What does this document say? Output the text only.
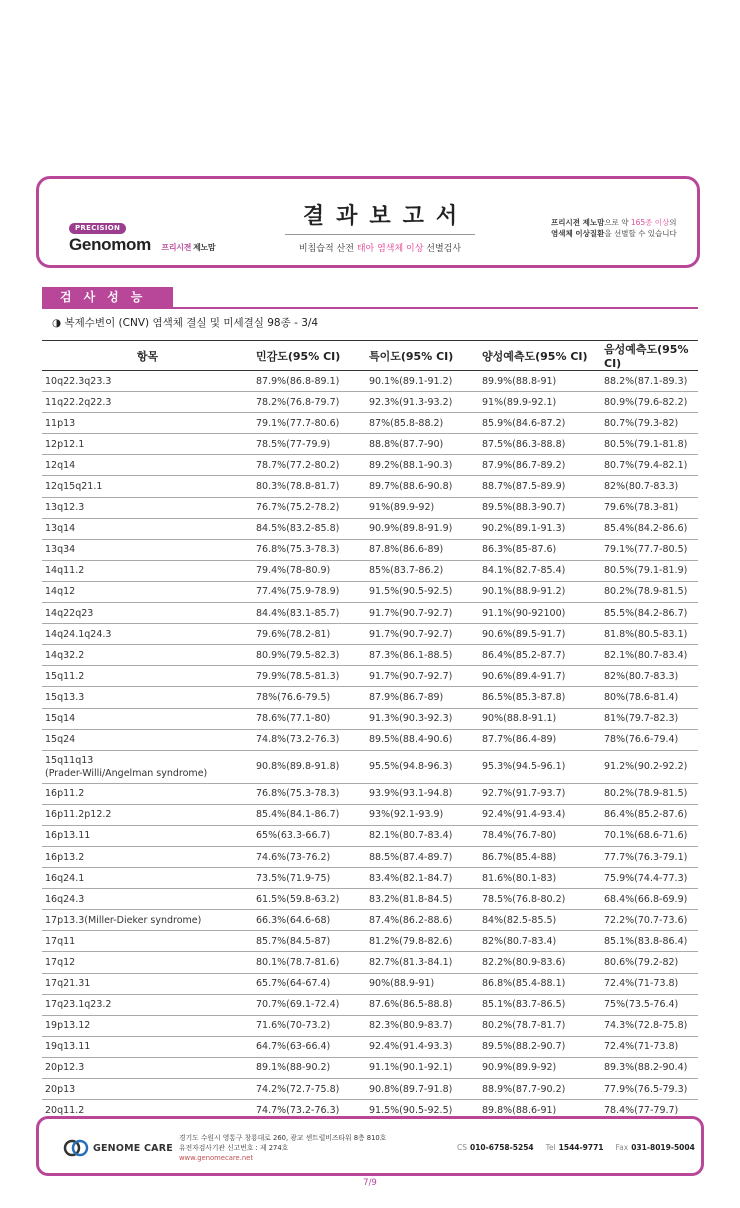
PRECISION
Genomom 프리시젼 제노맘
결과보고서
비침습적 산전 태아 염색체 이상 선별검사
프리시젼 제노맘으로 약 165종 이상의
염색체 이상질환을 선별할 수 있습니다
검사성능
◑ 복제수변이 (CNV) 염색체 결실 및 미세결실 98종 - 3/4
항목	민감도(95% CI)	특이도(95% CI)	양성예측도(95% CI)	음성예측도(95% CI)

10q22.3q23.3	87.9%(86.8-89.1)	90.1%(89.1-91.2)	89.9%(88.8-91)	88.2%(87.1-89.3)

11q22.2q22.3	78.2%(76.8-79.7)	92.3%(91.3-93.2)	91%(89.9-92.1)	80.9%(79.6-82.2)

11p13	79.1%(77.7-80.6)	87%(85.8-88.2)	85.9%(84.6-87.2)	80.7%(79.3-82)

12p12.1	78.5%(77-79.9)	88.8%(87.7-90)	87.5%(86.3-88.8)	80.5%(79.1-81.8)

12q14	78.7%(77.2-80.2)	89.2%(88.1-90.3)	87.9%(86.7-89.2)	80.7%(79.4-82.1)

12q15q21.1	80.3%(78.8-81.7)	89.7%(88.6-90.8)	88.7%(87.5-89.9)	82%(80.7-83.3)

13q12.3	76.7%(75.2-78.2)	91%(89.9-92)	89.5%(88.3-90.7)	79.6%(78.3-81)

13q14	84.5%(83.2-85.8)	90.9%(89.8-91.9)	90.2%(89.1-91.3)	85.4%(84.2-86.6)

13q34	76.8%(75.3-78.3)	87.8%(86.6-89)	86.3%(85-87.6)	79.1%(77.7-80.5)

14q11.2	79.4%(78-80.9)	85%(83.7-86.2)	84.1%(82.7-85.4)	80.5%(79.1-81.9)

14q12	77.4%(75.9-78.9)	91.5%(90.5-92.5)	90.1%(88.9-91.2)	80.2%(78.9-81.5)

14q22q23	84.4%(83.1-85.7)	91.7%(90.7-92.7)	91.1%(90-92100)	85.5%(84.2-86.7)

14q24.1q24.3	79.6%(78.2-81)	91.7%(90.7-92.7)	90.6%(89.5-91.7)	81.8%(80.5-83.1)

14q32.2	80.9%(79.5-82.3)	87.3%(86.1-88.5)	86.4%(85.2-87.7)	82.1%(80.7-83.4)

15q11.2	79.9%(78.5-81.3)	91.7%(90.7-92.7)	90.6%(89.4-91.7)	82%(80.7-83.3)

15q13.3	78%(76.6-79.5)	87.9%(86.7-89)	86.5%(85.3-87.8)	80%(78.6-81.4)

15q14	78.6%(77.1-80)	91.3%(90.3-92.3)	90%(88.8-91.1)	81%(79.7-82.3)

15q24	74.8%(73.2-76.3)	89.5%(88.4-90.6)	87.7%(86.4-89)	78%(76.6-79.4)

15q11q13
(Prader-Willi/Angelman syndrome)	90.8%(89.8-91.8)	95.5%(94.8-96.3)	95.3%(94.5-96.1)	91.2%(90.2-92.2)

16p11.2	76.8%(75.3-78.3)	93.9%(93.1-94.8)	92.7%(91.7-93.7)	80.2%(78.9-81.5)

16p11.2p12.2	85.4%(84.1-86.7)	93%(92.1-93.9)	92.4%(91.4-93.4)	86.4%(85.2-87.6)

16p13.11	65%(63.3-66.7)	82.1%(80.7-83.4)	78.4%(76.7-80)	70.1%(68.6-71.6)

16p13.2	74.6%(73-76.2)	88.5%(87.4-89.7)	86.7%(85.4-88)	77.7%(76.3-79.1)

16q24.1	73.5%(71.9-75)	83.4%(82.1-84.7)	81.6%(80.1-83)	75.9%(74.4-77.3)

16q24.3	61.5%(59.8-63.2)	83.2%(81.8-84.5)	78.5%(76.8-80.2)	68.4%(66.8-69.9)

17p13.3(Miller-Dieker syndrome)	66.3%(64.6-68)	87.4%(86.2-88.6)	84%(82.5-85.5)	72.2%(70.7-73.6)

17q11	85.7%(84.5-87)	81.2%(79.8-82.6)	82%(80.7-83.4)	85.1%(83.8-86.4)

17q12	80.1%(78.7-81.6)	82.7%(81.3-84.1)	82.2%(80.9-83.6)	80.6%(79.2-82)

17q21.31	65.7%(64-67.4)	90%(88.9-91)	86.8%(85.4-88.1)	72.4%(71-73.8)

17q23.1q23.2	70.7%(69.1-72.4)	87.6%(86.5-88.8)	85.1%(83.7-86.5)	75%(73.5-76.4)

19p13.12	71.6%(70-73.2)	82.3%(80.9-83.7)	80.2%(78.7-81.7)	74.3%(72.8-75.8)

19q13.11	64.7%(63-66.4)	92.4%(91.4-93.3)	89.5%(88.2-90.7)	72.4%(71-73.8)

20p12.3	89.1%(88-90.2)	91.1%(90.1-92.1)	90.9%(89.9-92)	89.3%(88.2-90.4)

20p13	74.2%(72.7-75.8)	90.8%(89.7-91.8)	88.9%(87.7-90.2)	77.9%(76.5-79.3)

20q11.2	74.7%(73.2-76.3)	91.5%(90.5-92.5)	89.8%(88.6-91)	78.4%(77-79.7)
GENOME CARE
경기도 수원시 영통구 창룡대로 260, 광교 센트럴비즈타워 8층 810호
유전자검사기관 신고번호 : 제 274호
www.genomecare.net
CS 010-6758-5254 Tel 1544-9771 Fax 031-8019-5004
7/9
